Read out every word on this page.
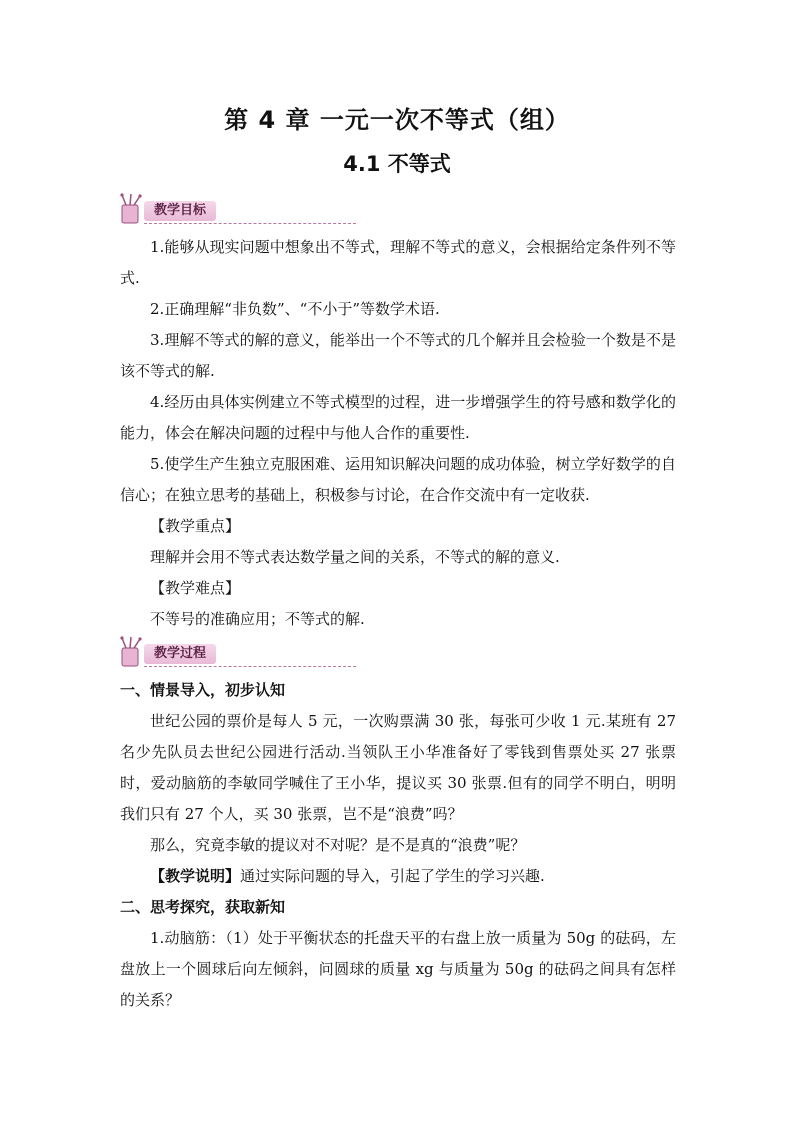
第 4 章 一元一次不等式（组）
4.1 不等式
教学目标

1.能够从现实问题中想象出不等式，理解不等式的意义，会根据给定条件列不等式.

2.正确理解“非负数”、“不小于”等数学术语.

3.理解不等式的解的意义，能举出一个不等式的几个解并且会检验一个数是不是该不等式的解.

4.经历由具体实例建立不等式模型的过程，进一步增强学生的符号感和数学化的能力，体会在解决问题的过程中与他人合作的重要性.

5.使学生产生独立克服困难、运用知识解决问题的成功体验，树立学好数学的自信心；在独立思考的基础上，积极参与讨论，在合作交流中有一定收获.

【教学重点】

理解并会用不等式表达数学量之间的关系，不等式的解的意义.

【教学难点】

不等号的准确应用；不等式的解.

教学过程
一、情景导入，初步认知

世纪公园的票价是每人 5 元，一次购票满 30 张，每张可少收 1 元.某班有 27 名少先队员去世纪公园进行活动.当领队王小华准备好了零钱到售票处买 27 张票时，爱动脑筋的李敏同学喊住了王小华，提议买 30 张票.但有的同学不明白，明明我们只有 27 个人，买 30 张票，岂不是“浪费”吗？

那么，究竟李敏的提议对不对呢？是不是真的“浪费”呢？

【教学说明】通过实际问题的导入，引起了学生的学习兴趣.
二、思考探究，获取新知

1.动脑筋：（1）处于平衡状态的托盘天平的右盘上放一质量为 50g 的砝码，左盘放上一个圆球后向左倾斜，问圆球的质量 xg 与质量为 50g 的砝码之间具有怎样的关系？
